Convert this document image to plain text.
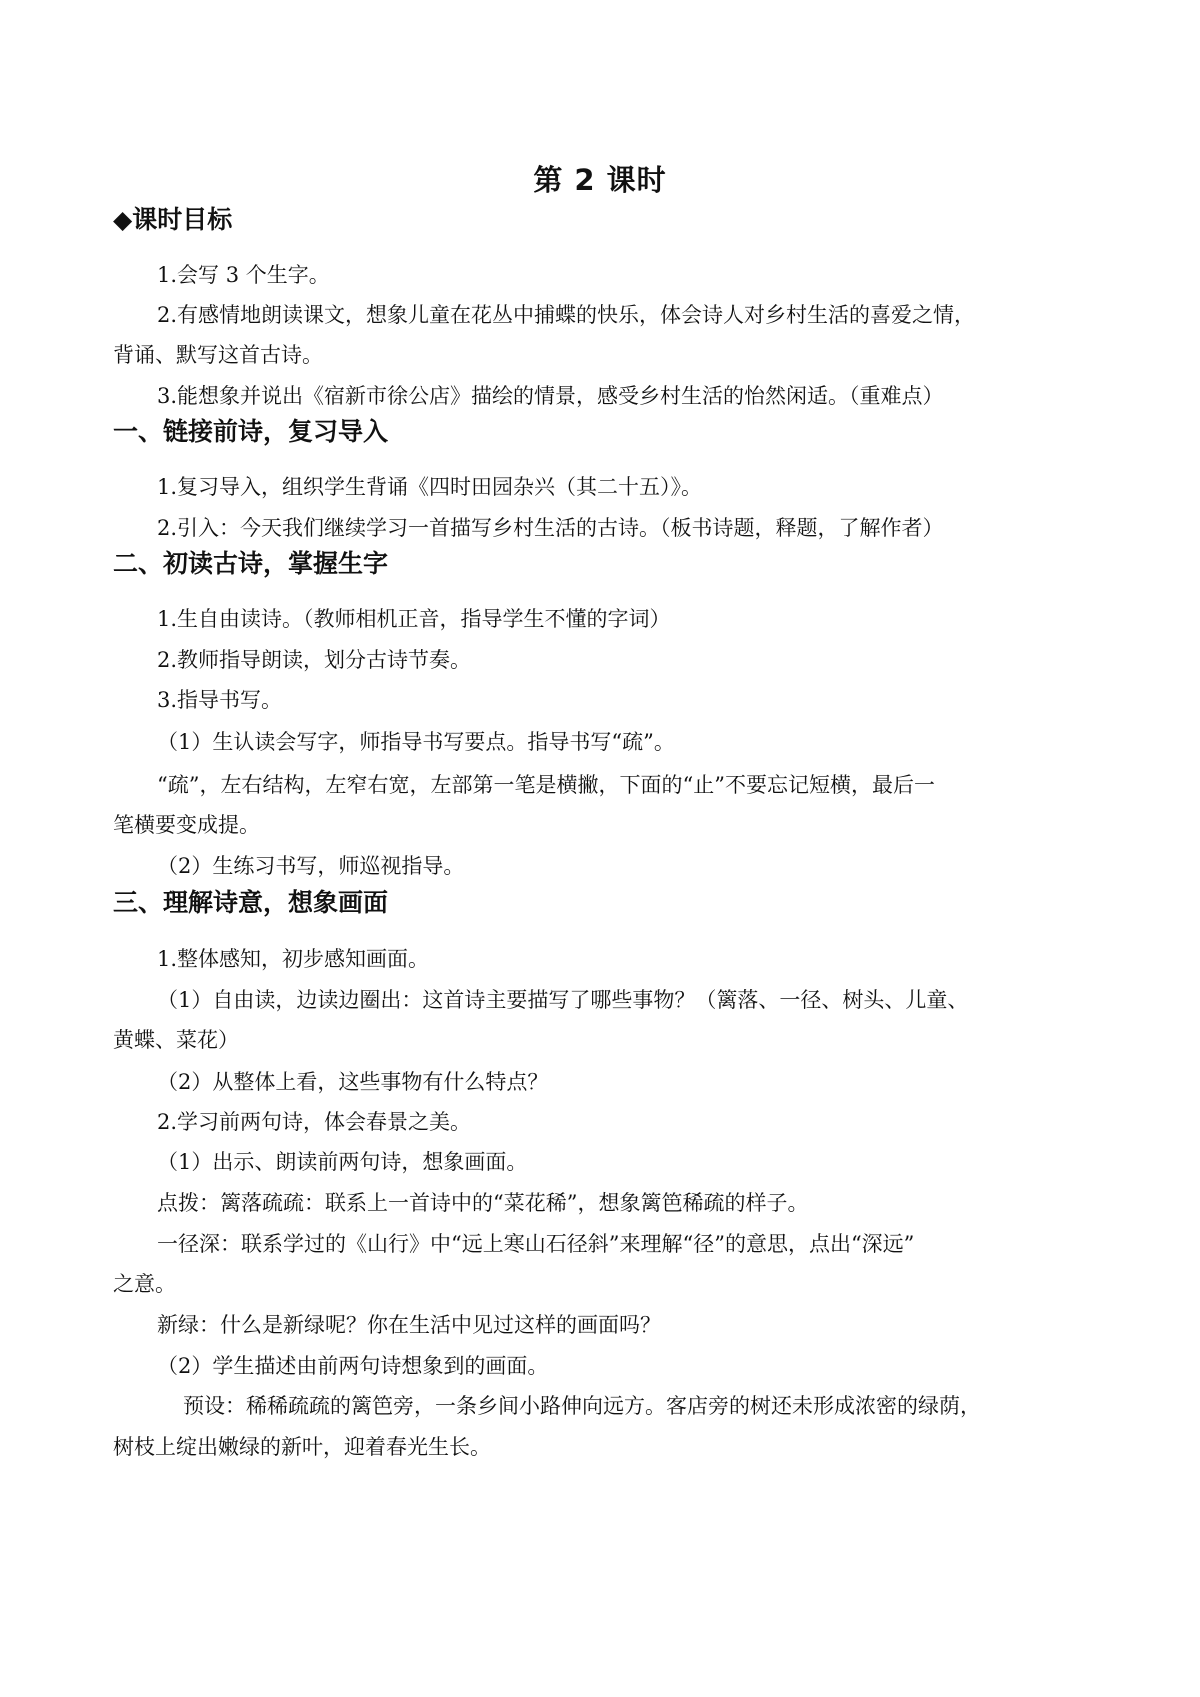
第 2 课时
◆课时目标
1.会写 3 个生字。
2.有感情地朗读课文，想象儿童在花丛中捕蝶的快乐，体会诗人对乡村生活的喜爱之情，
背诵、默写这首古诗。
3.能想象并说出《宿新市徐公店》描绘的情景，感受乡村生活的怡然闲适。（重难点）
一、链接前诗，复习导入
1.复习导入，组织学生背诵《四时田园杂兴（其二十五）》。
2.引入：今天我们继续学习一首描写乡村生活的古诗。（板书诗题，释题，了解作者）
二、初读古诗，掌握生字
1.生自由读诗。（教师相机正音，指导学生不懂的字词）
2.教师指导朗读，划分古诗节奏。
3.指导书写。
（1）生认读会写字，师指导书写要点。指导书写“疏”。
“疏”，左右结构，左窄右宽，左部第一笔是横撇，下面的“止”不要忘记短横，最后一
笔横要变成提。
（2）生练习书写，师巡视指导。
三、理解诗意，想象画面
1.整体感知，初步感知画面。
（1）自由读，边读边圈出：这首诗主要描写了哪些事物？（篱落、一径、树头、儿童、
黄蝶、菜花）
（2）从整体上看，这些事物有什么特点？
2.学习前两句诗，体会春景之美。
（1）出示、朗读前两句诗，想象画面。
点拨：篱落疏疏：联系上一首诗中的“菜花稀”，想象篱笆稀疏的样子。
一径深：联系学过的《山行》中“远上寒山石径斜”来理解“径”的意思，点出“深远”
之意。
新绿：什么是新绿呢？你在生活中见过这样的画面吗？
（2）学生描述由前两句诗想象到的画面。
预设：稀稀疏疏的篱笆旁，一条乡间小路伸向远方。客店旁的树还未形成浓密的绿荫，
树枝上绽出嫩绿的新叶，迎着春光生长。
